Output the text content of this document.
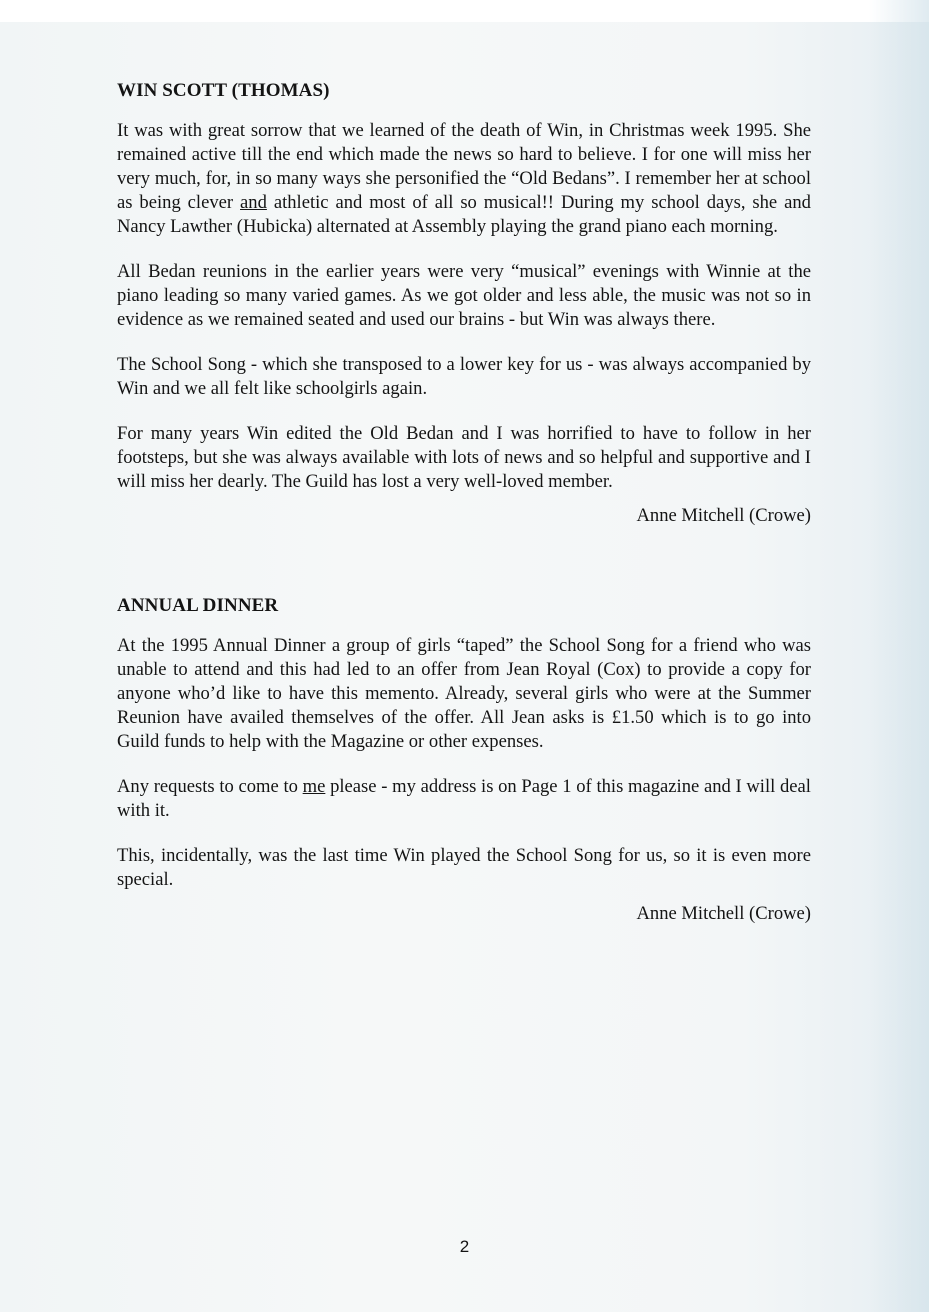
WIN SCOTT (THOMAS)

It was with great sorrow that we learned of the death of Win, in Christmas week 1995. She remained active till the end which made the news so hard to believe. I for one will miss her very much, for, in so many ways she personified the “Old Bedans”. I remember her at school as being clever and athletic and most of all so musical!! During my school days, she and Nancy Lawther (Hubicka) alternated at Assembly playing the grand piano each morning.

All Bedan reunions in the earlier years were very “musical” evenings with Winnie at the piano leading so many varied games. As we got older and less able, the music was not so in evidence as we remained seated and used our brains - but Win was always there.

The School Song - which she transposed to a lower key for us - was always accompanied by Win and we all felt like schoolgirls again.

For many years Win edited the Old Bedan and I was horrified to have to follow in her footsteps, but she was always available with lots of news and so helpful and supportive and I will miss her dearly. The Guild has lost a very well-loved member.

Anne Mitchell (Crowe)

ANNUAL DINNER

At the 1995 Annual Dinner a group of girls “taped” the School Song for a friend who was unable to attend and this had led to an offer from Jean Royal (Cox) to provide a copy for anyone who’d like to have this memento. Already, several girls who were at the Summer Reunion have availed themselves of the offer. All Jean asks is £1.50 which is to go into Guild funds to help with the Magazine or other expenses.

Any requests to come to me please - my address is on Page 1 of this magazine and I will deal with it.

This, incidentally, was the last time Win played the School Song for us, so it is even more special.

Anne Mitchell (Crowe)

2
